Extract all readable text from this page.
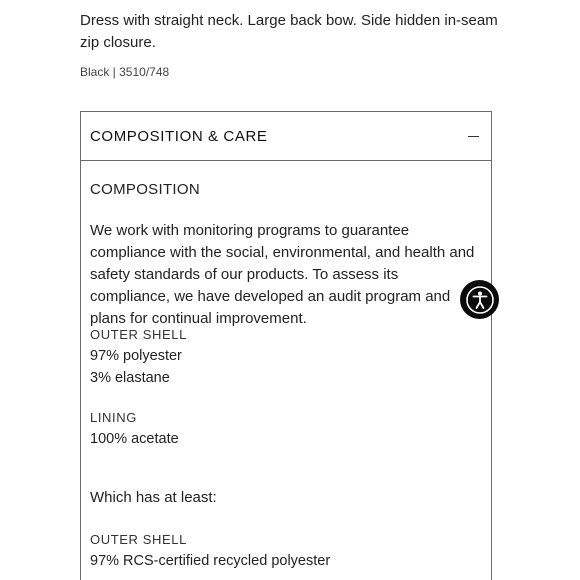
Dress with straight neck. Large back bow. Side hidden in-seam zip closure.

Black | 3510/748

COMPOSITION & CARE

COMPOSITION

We work with monitoring programs to guarantee compliance with the social, environmental, and health and safety standards of our products. To assess its compliance, we have developed an audit program and plans for continual improvement.

OUTER SHELL

97% polyester

3% elastane

LINING

100% acetate

Which has at least:

OUTER SHELL

97% RCS-certified recycled polyester
